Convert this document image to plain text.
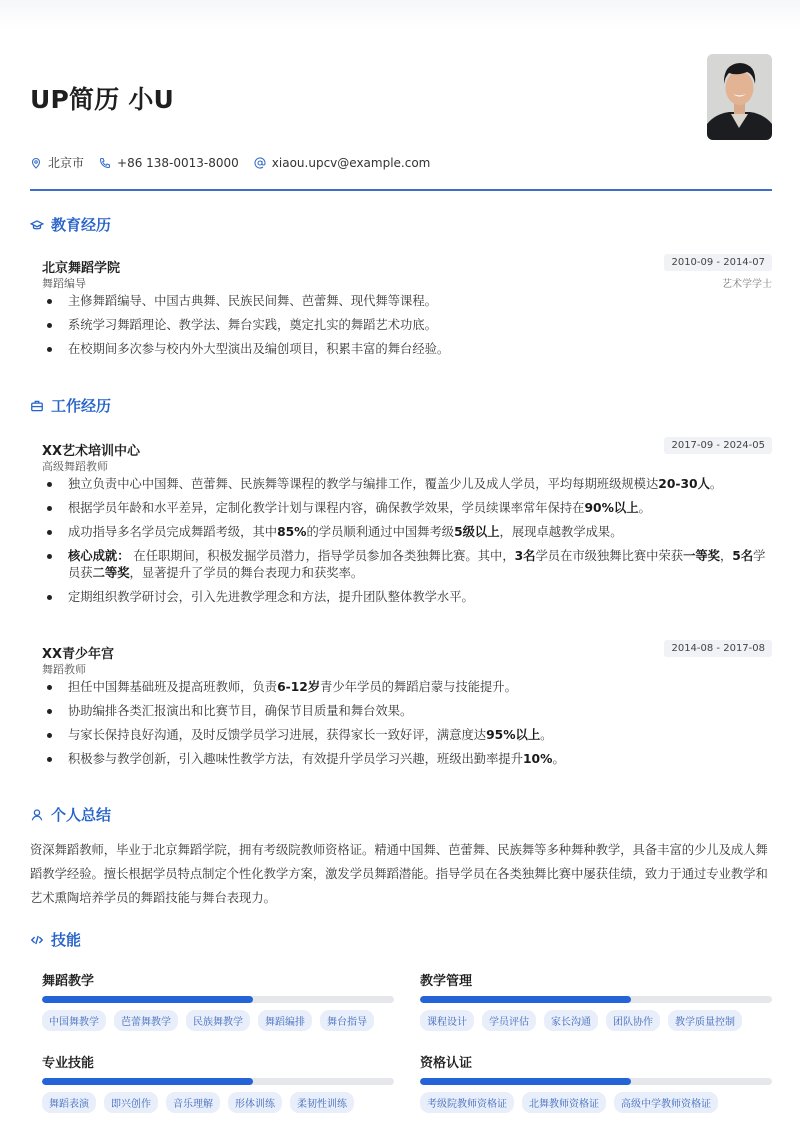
UP简历 小U
北京市	+86 138-0013-8000	xiaou.upcv@example.com
教育经历
北京舞蹈学院
舞蹈编导
2010-09 - 2014-07
艺术学学士
主修舞蹈编导、中国古典舞、民族民间舞、芭蕾舞、现代舞等课程。
系统学习舞蹈理论、教学法、舞台实践，奠定扎实的舞蹈艺术功底。
在校期间多次参与校内外大型演出及编创项目，积累丰富的舞台经验。
工作经历
XX艺术培训中心
高级舞蹈教师
2017-09 - 2024-05
独立负责中心中国舞、芭蕾舞、民族舞等课程的教学与编排工作，覆盖少儿及成人学员，平均每期班级规模达20-30人。
根据学员年龄和水平差异，定制化教学计划与课程内容，确保教学效果，学员续课率常年保持在90%以上。
成功指导多名学员完成舞蹈考级，其中85%的学员顺利通过中国舞考级5级以上，展现卓越教学成果。
核心成就： 在任职期间，积极发掘学员潜力，指导学员参加各类独舞比赛。其中，3名学员在市级独舞比赛中荣获一等奖，5名学员获二等奖，显著提升了学员的舞台表现力和获奖率。
定期组织教学研讨会，引入先进教学理念和方法，提升团队整体教学水平。
XX青少年宫
舞蹈教师
2014-08 - 2017-08
担任中国舞基础班及提高班教师，负责6-12岁青少年学员的舞蹈启蒙与技能提升。
协助编排各类汇报演出和比赛节目，确保节目质量和舞台效果。
与家长保持良好沟通，及时反馈学员学习进展，获得家长一致好评，满意度达95%以上。
积极参与教学创新，引入趣味性教学方法，有效提升学员学习兴趣，班级出勤率提升10%。
个人总结
资深舞蹈教师，毕业于北京舞蹈学院，拥有考级院教师资格证。精通中国舞、芭蕾舞、民族舞等多种舞种教学，具备丰富的少儿及成人舞蹈教学经验。擅长根据学员特点制定个性化教学方案，激发学员舞蹈潜能。指导学员在各类独舞比赛中屡获佳绩，致力于通过专业教学和艺术熏陶培养学员的舞蹈技能与舞台表现力。
技能
舞蹈教学
中国舞教学	芭蕾舞教学	民族舞教学	舞蹈编排	舞台指导
教学管理
课程设计	学员评估	家长沟通	团队协作	教学质量控制
专业技能
舞蹈表演	即兴创作	音乐理解	形体训练	柔韧性训练
资格认证
考级院教师资格证	北舞教师资格证	高级中学教师资格证
